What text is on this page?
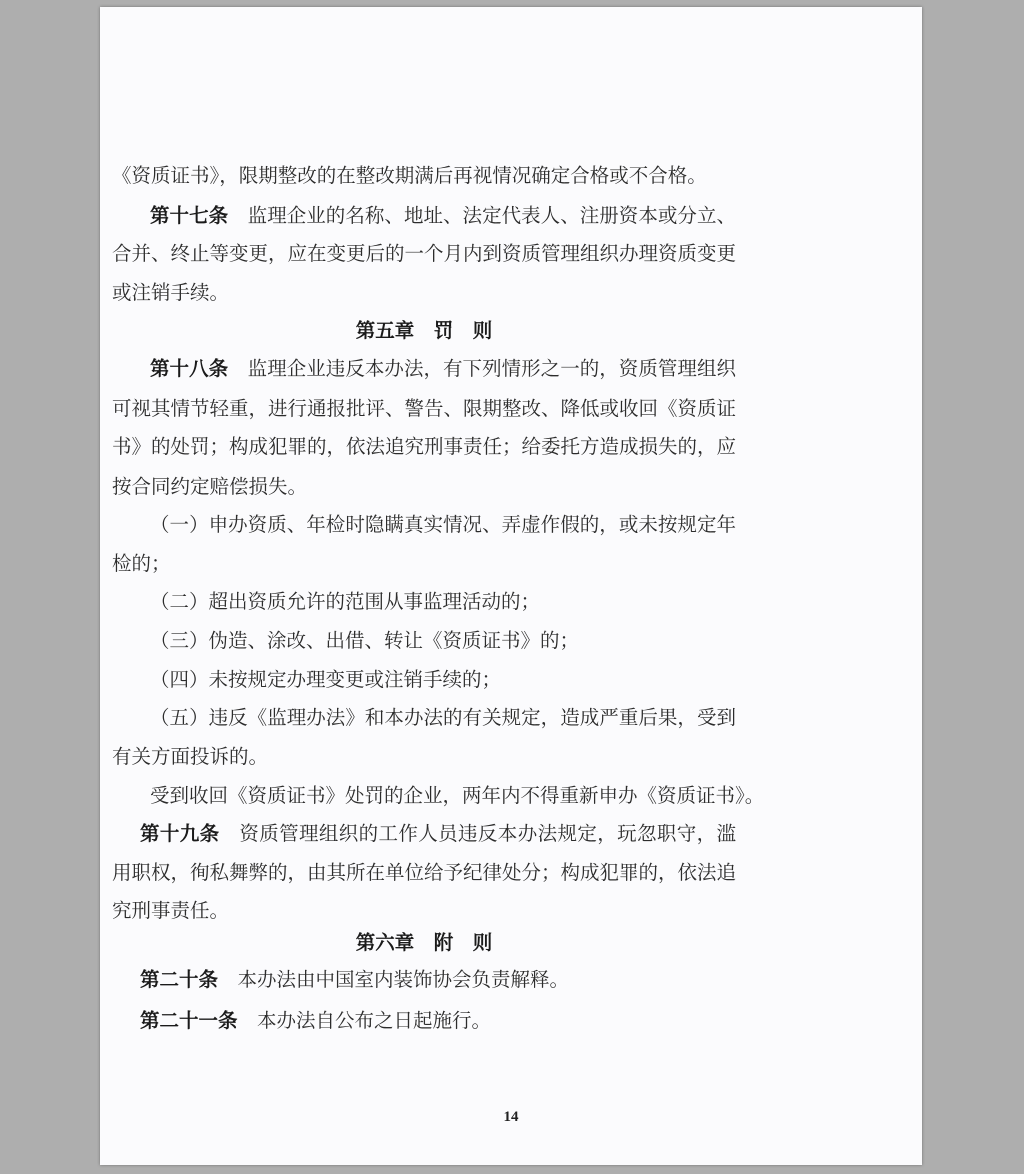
《资质证书》，限期整改的在整改期满后再视情况确定合格或不合格。
第十七条　监理企业的名称、地址、法定代表人、注册资本或分立、
合并、终止等变更，应在变更后的一个月内到资质管理组织办理资质变更
或注销手续。
第五章　罚　则
第十八条　监理企业违反本办法，有下列情形之一的，资质管理组织
可视其情节轻重，进行通报批评、警告、限期整改、降低或收回《资质证
书》的处罚；构成犯罪的，依法追究刑事责任；给委托方造成损失的，应
按合同约定赔偿损失。
（一）申办资质、年检时隐瞒真实情况、弄虚作假的，或未按规定年
检的；
（二）超出资质允许的范围从事监理活动的；
（三）伪造、涂改、出借、转让《资质证书》的；
（四）未按规定办理变更或注销手续的；
（五）违反《监理办法》和本办法的有关规定，造成严重后果，受到
有关方面投诉的。
受到收回《资质证书》处罚的企业，两年内不得重新申办《资质证书》。
第十九条　资质管理组织的工作人员违反本办法规定，玩忽职守，滥
用职权，徇私舞弊的，由其所在单位给予纪律处分；构成犯罪的，依法追
究刑事责任。
第六章　附　则
第二十条　本办法由中国室内装饰协会负责解释。
第二十一条　本办法自公布之日起施行。
14
